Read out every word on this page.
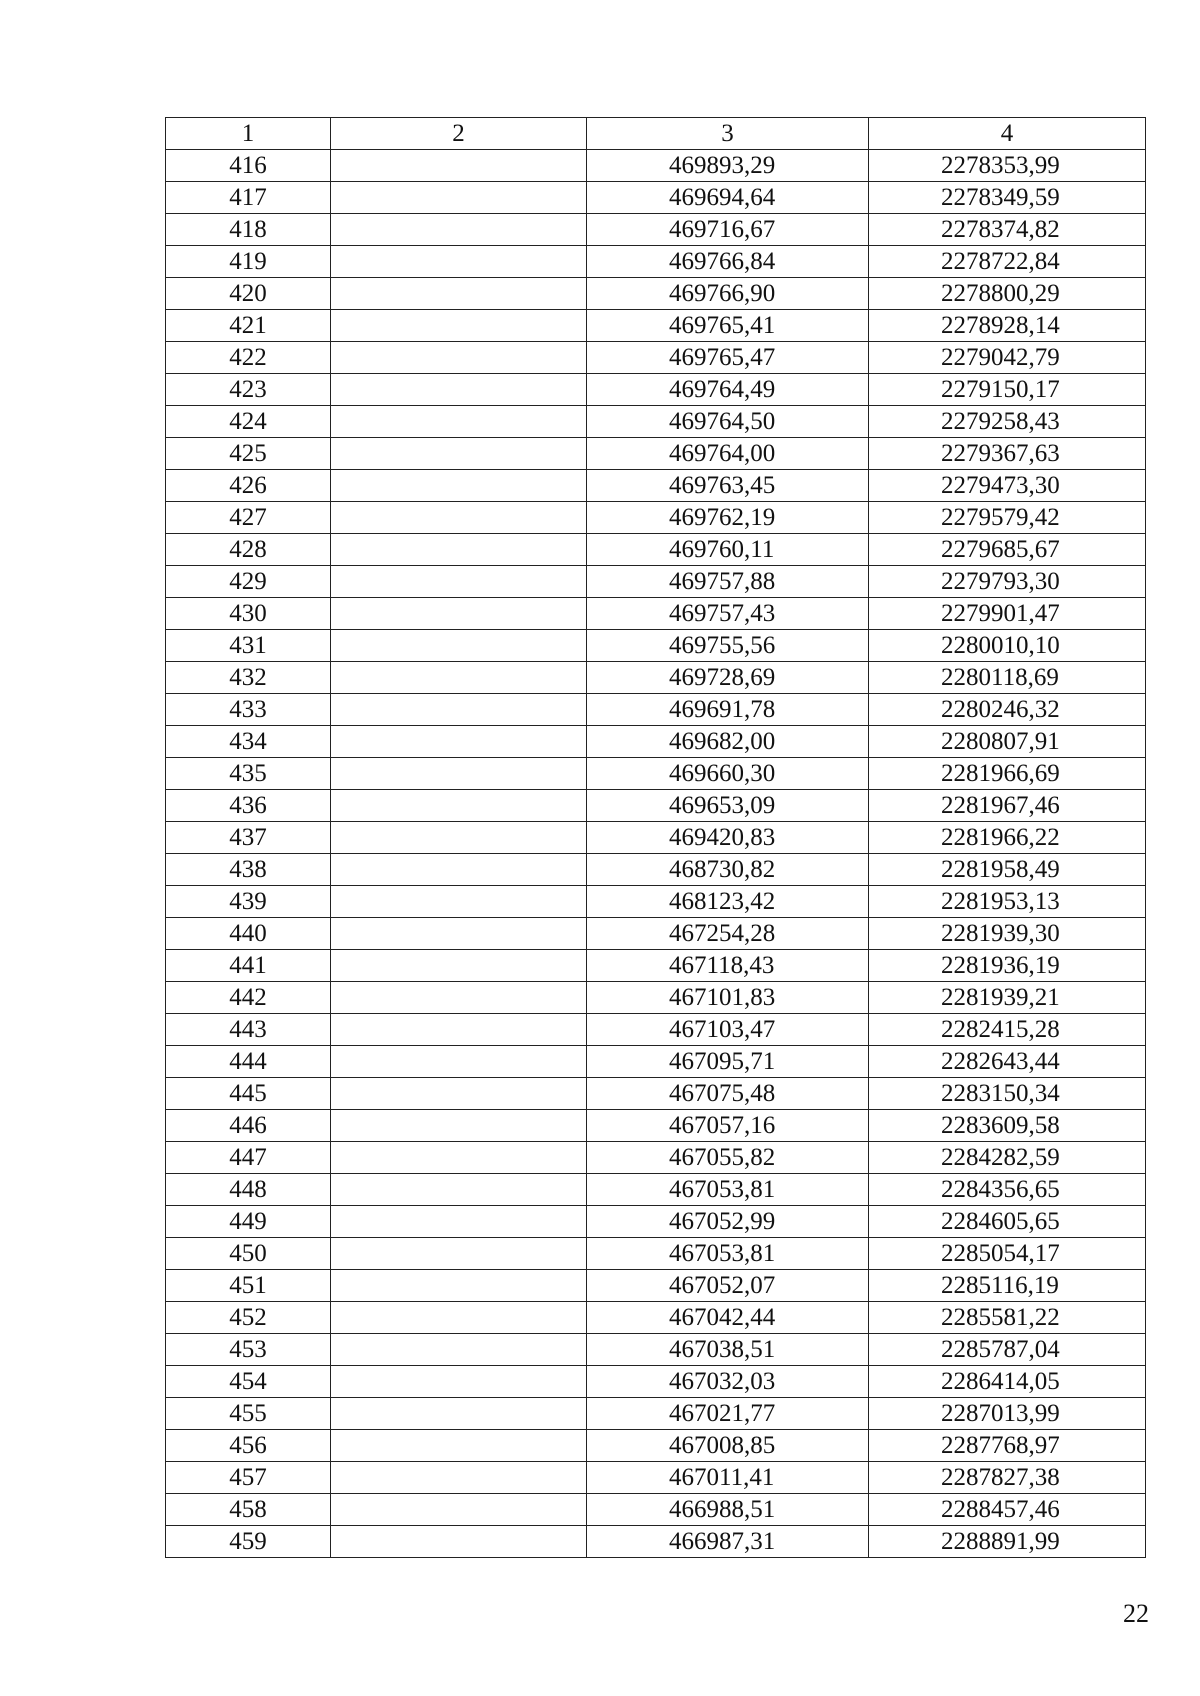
1	2	3	4
416		469893,29	2278353,99
417		469694,64	2278349,59
418		469716,67	2278374,82
419		469766,84	2278722,84
420		469766,90	2278800,29
421		469765,41	2278928,14
422		469765,47	2279042,79
423		469764,49	2279150,17
424		469764,50	2279258,43
425		469764,00	2279367,63
426		469763,45	2279473,30
427		469762,19	2279579,42
428		469760,11	2279685,67
429		469757,88	2279793,30
430		469757,43	2279901,47
431		469755,56	2280010,10
432		469728,69	2280118,69
433		469691,78	2280246,32
434		469682,00	2280807,91
435		469660,30	2281966,69
436		469653,09	2281967,46
437		469420,83	2281966,22
438		468730,82	2281958,49
439		468123,42	2281953,13
440		467254,28	2281939,30
441		467118,43	2281936,19
442		467101,83	2281939,21
443		467103,47	2282415,28
444		467095,71	2282643,44
445		467075,48	2283150,34
446		467057,16	2283609,58
447		467055,82	2284282,59
448		467053,81	2284356,65
449		467052,99	2284605,65
450		467053,81	2285054,17
451		467052,07	2285116,19
452		467042,44	2285581,22
453		467038,51	2285787,04
454		467032,03	2286414,05
455		467021,77	2287013,99
456		467008,85	2287768,97
457		467011,41	2287827,38
458		466988,51	2288457,46
459		466987,31	2288891,99
22
